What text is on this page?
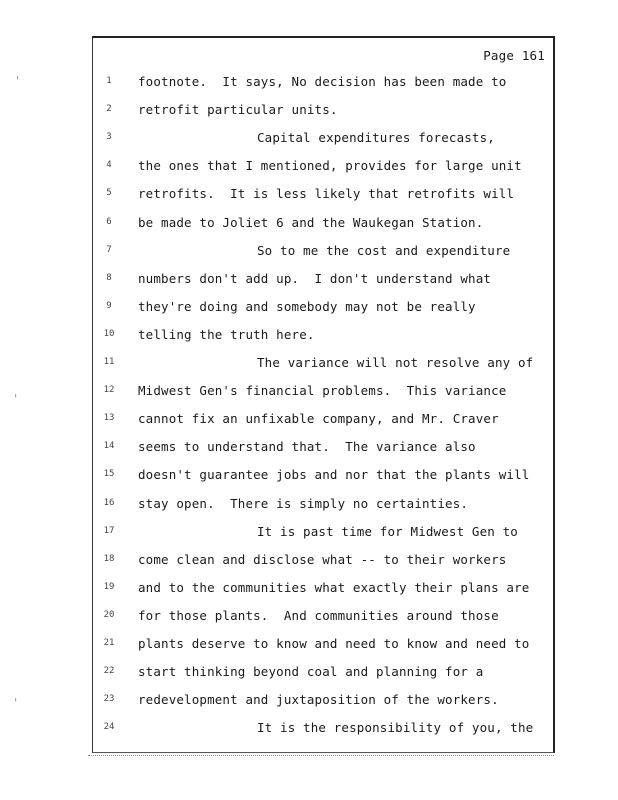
'
'
'
Page 161
1	footnote.  It says, No decision has been made to
2	retrofit particular units.
3	Capital expenditures forecasts,
4	the ones that I mentioned, provides for large unit
5	retrofits.  It is less likely that retrofits will
6	be made to Joliet 6 and the Waukegan Station.
7	So to me the cost and expenditure
8	numbers don't add up.  I don't understand what
9	they're doing and somebody may not be really
10	telling the truth here.
11	The variance will not resolve any of
12	Midwest Gen's financial problems.  This variance
13	cannot fix an unfixable company, and Mr. Craver
14	seems to understand that.  The variance also
15	doesn't guarantee jobs and nor that the plants will
16	stay open.  There is simply no certainties.
17	It is past time for Midwest Gen to
18	come clean and disclose what -- to their workers
19	and to the communities what exactly their plans are
20	for those plants.  And communities around those
21	plants deserve to know and need to know and need to
22	start thinking beyond coal and planning for a
23	redevelopment and juxtaposition of the workers.
24	It is the responsibility of you, the
